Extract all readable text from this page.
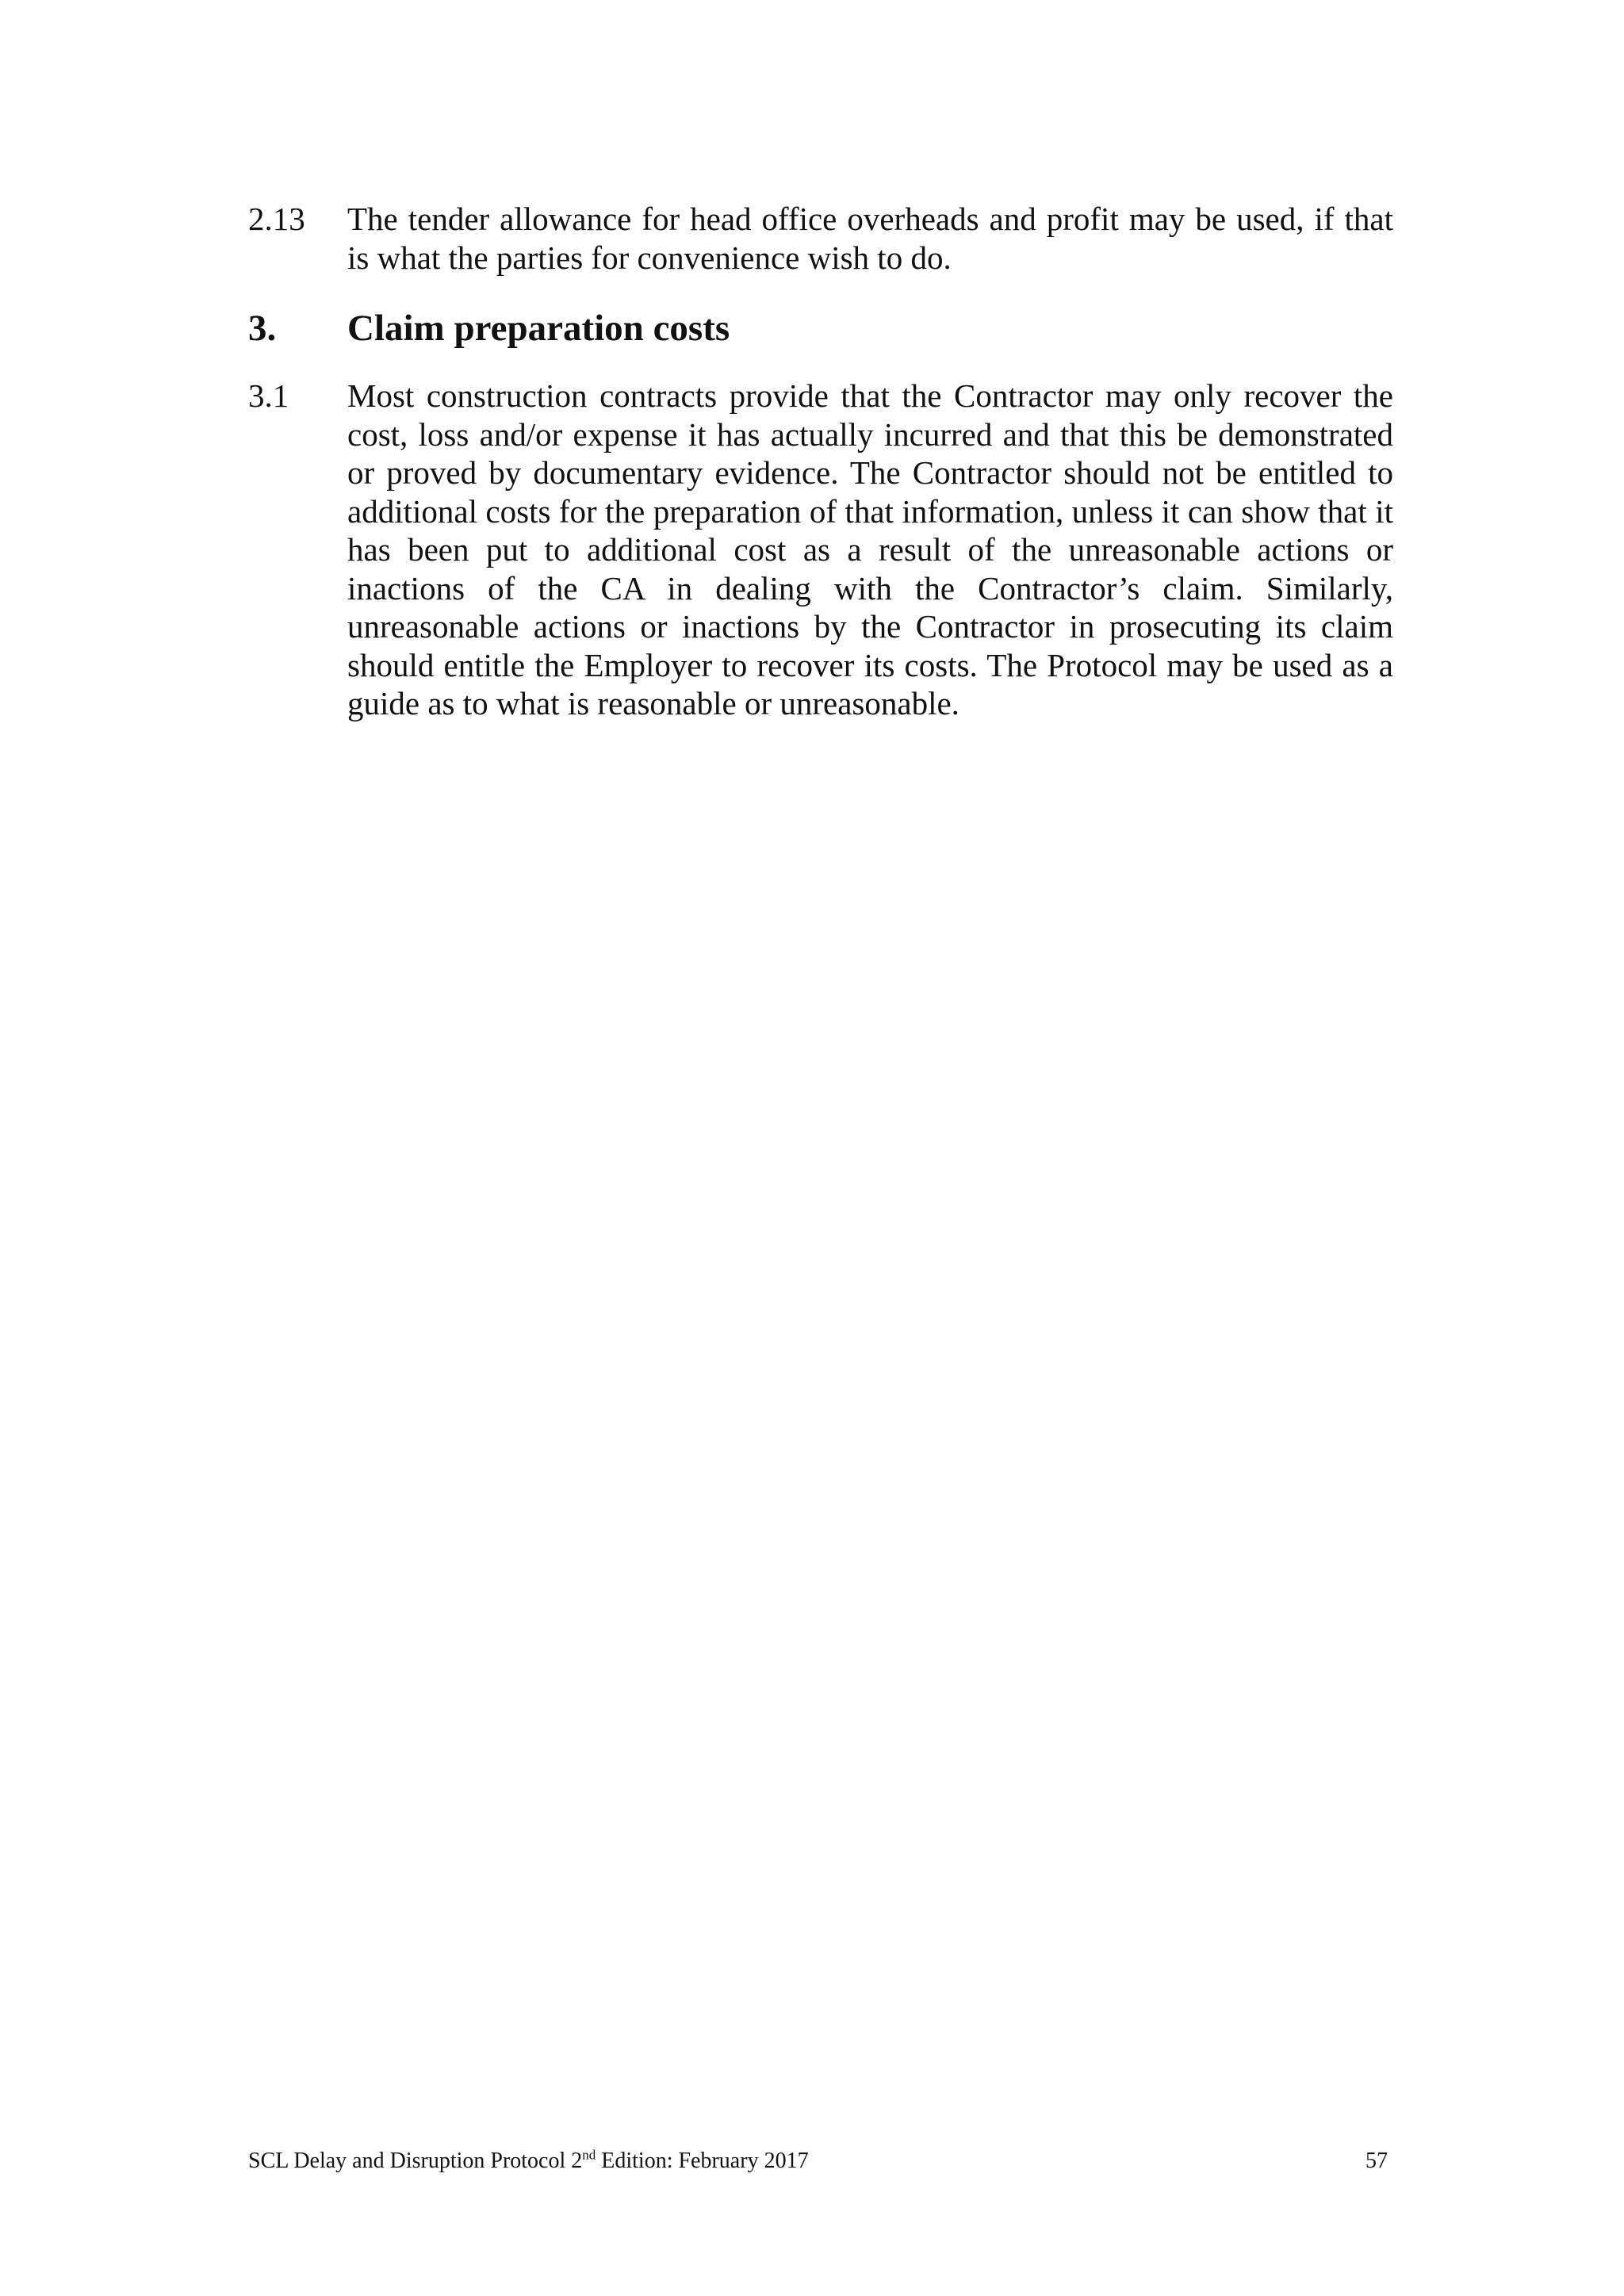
2.13	The tender allowance for head office overheads and profit may be used, if that is what the parties for convenience wish to do.
3.	Claim preparation costs
3.1	Most construction contracts provide that the Contractor may only recover the cost, loss and/or expense it has actually incurred and that this be demonstrated or proved by documentary evidence. The Contractor should not be entitled to additional costs for the preparation of that information, unless it can show that it has been put to additional cost as a result of the unreasonable actions or inactions of the CA in dealing with the Contractor’s claim. Similarly, unreasonable actions or inactions by the Contractor in prosecuting its claim should entitle the Employer to recover its costs. The Protocol may be used as a guide as to what is reasonable or unreasonable.
SCL Delay and Disruption Protocol 2nd Edition: February 2017	57
